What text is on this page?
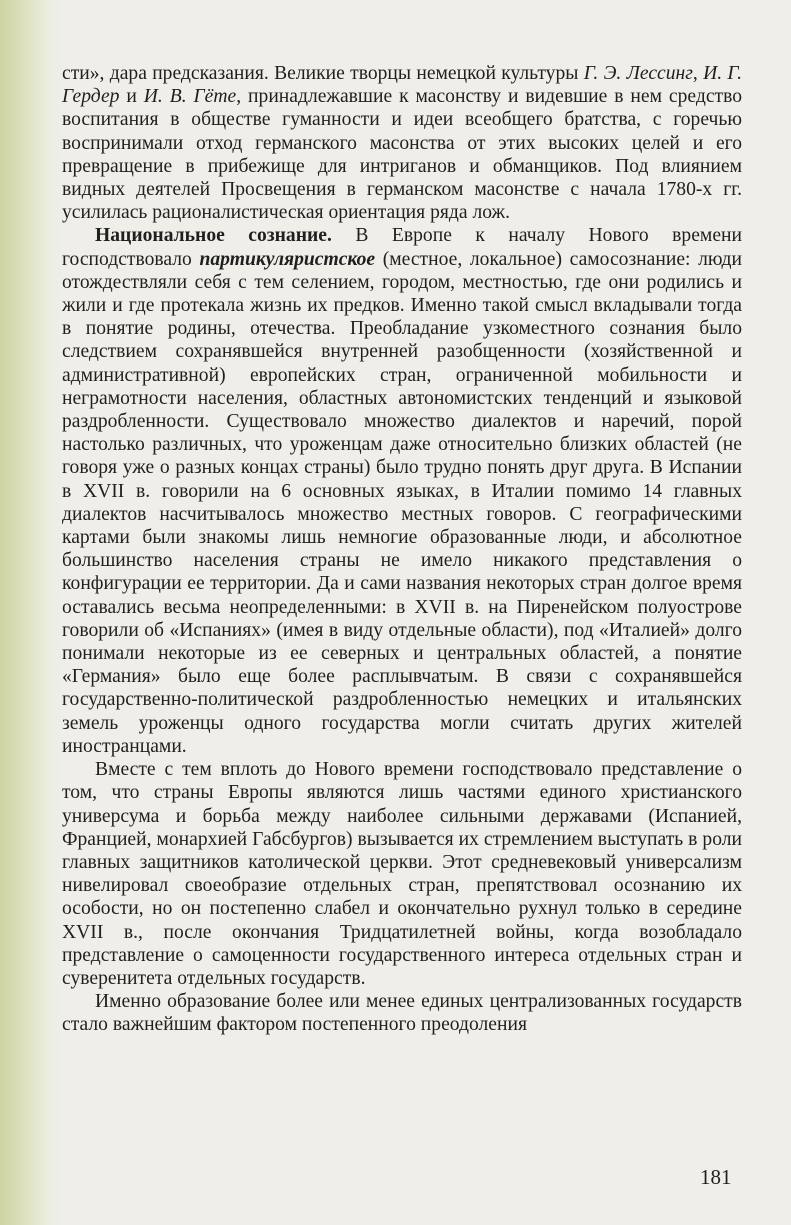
сти», дара предсказания. Великие творцы немецкой культуры Г. Э. Лессинг, И. Г. Гердер и И. В. Гёте, принадлежавшие к масонству и видевшие в нем средство воспитания в обществе гуманности и идеи всеобщего братства, с горечью воспринимали отход германского масонства от этих высоких целей и его превращение в прибежище для интриганов и обманщиков. Под влиянием видных деятелей Просвещения в германском масонстве с начала 1780-х гг. усилилась рационалистическая ориентация ряда лож.

Национальное сознание. В Европе к началу Нового времени господствовало партикуляристское (местное, локальное) самосознание: люди отождествляли себя с тем селением, городом, местностью, где они родились и жили и где протекала жизнь их предков. Именно такой смысл вкладывали тогда в понятие родины, отечества. Преобладание узкоместного сознания было следствием сохранявшейся внутренней разобщенности (хозяйственной и административной) европейских стран, ограниченной мобильности и неграмотности населения, областных автономистских тенденций и языковой раздробленности. Существовало множество диалектов и наречий, порой настолько различных, что уроженцам даже относительно близких областей (не говоря уже о разных концах страны) было трудно понять друг друга. В Испании в XVII в. говорили на 6 основных языках, в Италии помимо 14 главных диалектов насчитывалось множество местных говоров. С географическими картами были знакомы лишь немногие образованные люди, и абсолютное большинство населения страны не имело никакого представления о конфигурации ее территории. Да и сами названия некоторых стран долгое время оставались весьма неопределенными: в XVII в. на Пиренейском полуострове говорили об «Испаниях» (имея в виду отдельные области), под «Италией» долго понимали некоторые из ее северных и центральных областей, а понятие «Германия» было еще более расплывчатым. В связи с сохранявшейся государственно-политической раздробленностью немецких и итальянских земель уроженцы одного государства могли считать других жителей иностранцами.

Вместе с тем вплоть до Нового времени господствовало представление о том, что страны Европы являются лишь частями единого христианского универсума и борьба между наиболее сильными державами (Испанией, Францией, монархией Габсбургов) вызывается их стремлением выступать в роли главных защитников католической церкви. Этот средневековый универсализм нивелировал своеобразие отдельных стран, препятствовал осознанию их особости, но он постепенно слабел и окончательно рухнул только в середине XVII в., после окончания Тридцатилетней войны, когда возобладало представление о самоценности государственного интереса отдельных стран и суверенитета отдельных государств.

Именно образование более или менее единых централизованных государств стало важнейшим фактором постепенного преодоления

181
